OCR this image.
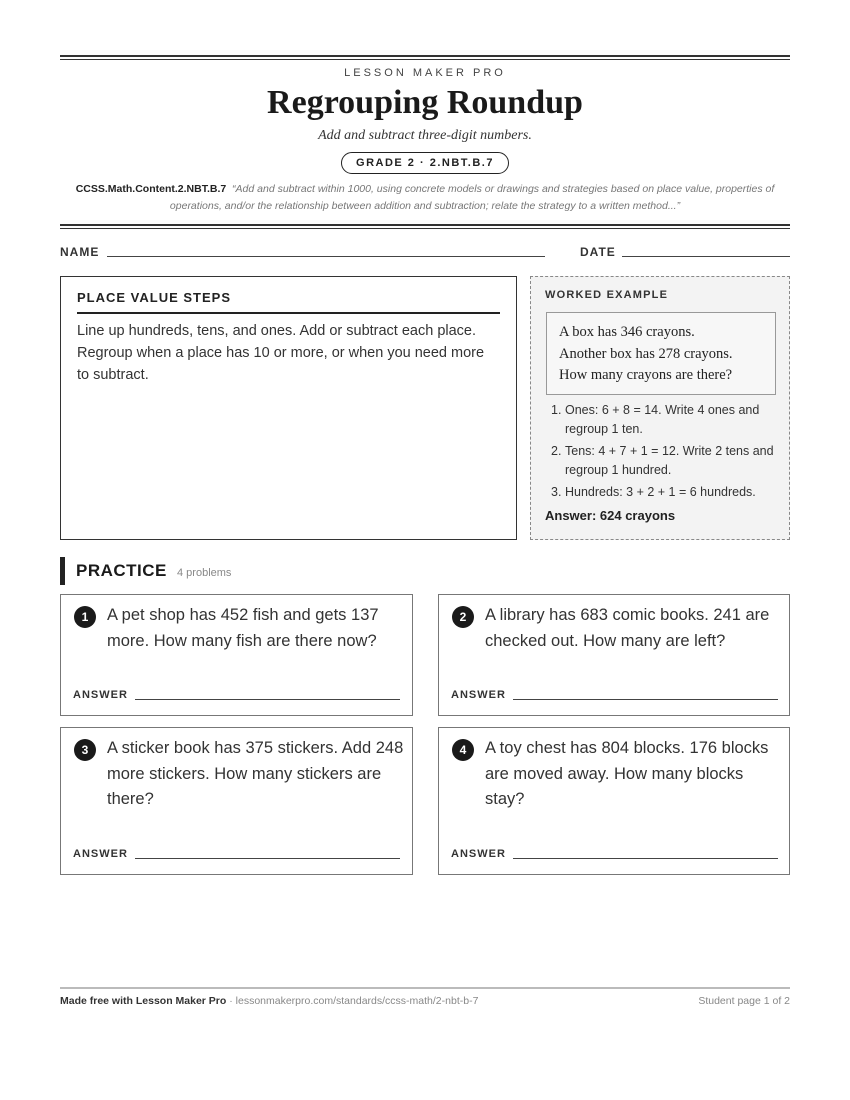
LESSON MAKER PRO
Regrouping Roundup
Add and subtract three-digit numbers.
GRADE 2 · 2.NBT.B.7
CCSS.Math.Content.2.NBT.B.7 “Add and subtract within 1000, using concrete models or drawings and strategies based on place value, properties of operations, and/or the relationship between addition and subtraction; relate the strategy to a written method...”
NAME	DATE
PLACE VALUE STEPS

Line up hundreds, tens, and ones. Add or subtract each place. Regroup when a place has 10 or more, or when you need more to subtract.

WORKED EXAMPLE
A box has 346 crayons.
Another box has 278 crayons.
How many crayons are there?
1. Ones: 6 + 8 = 14. Write 4 ones and regroup 1 ten.
2. Tens: 4 + 7 + 1 = 12. Write 2 tens and regroup 1 hundred.
3. Hundreds: 3 + 2 + 1 = 6 hundreds.
Answer: 624 crayons
PRACTICE 4 problems
1	A pet shop has 452 fish and gets 137 more. How many fish are there now?

ANSWER
2	A library has 683 comic books. 241 are checked out. How many are left?

ANSWER
3	A sticker book has 375 stickers. Add 248 more stickers. How many stickers are there?

ANSWER
4	A toy chest has 804 blocks. 176 blocks are moved away. How many blocks stay?

ANSWER
Made free with Lesson Maker Pro · lessonmakerpro.com/standards/ccss-math/2-nbt-b-7	Student page 1 of 2
